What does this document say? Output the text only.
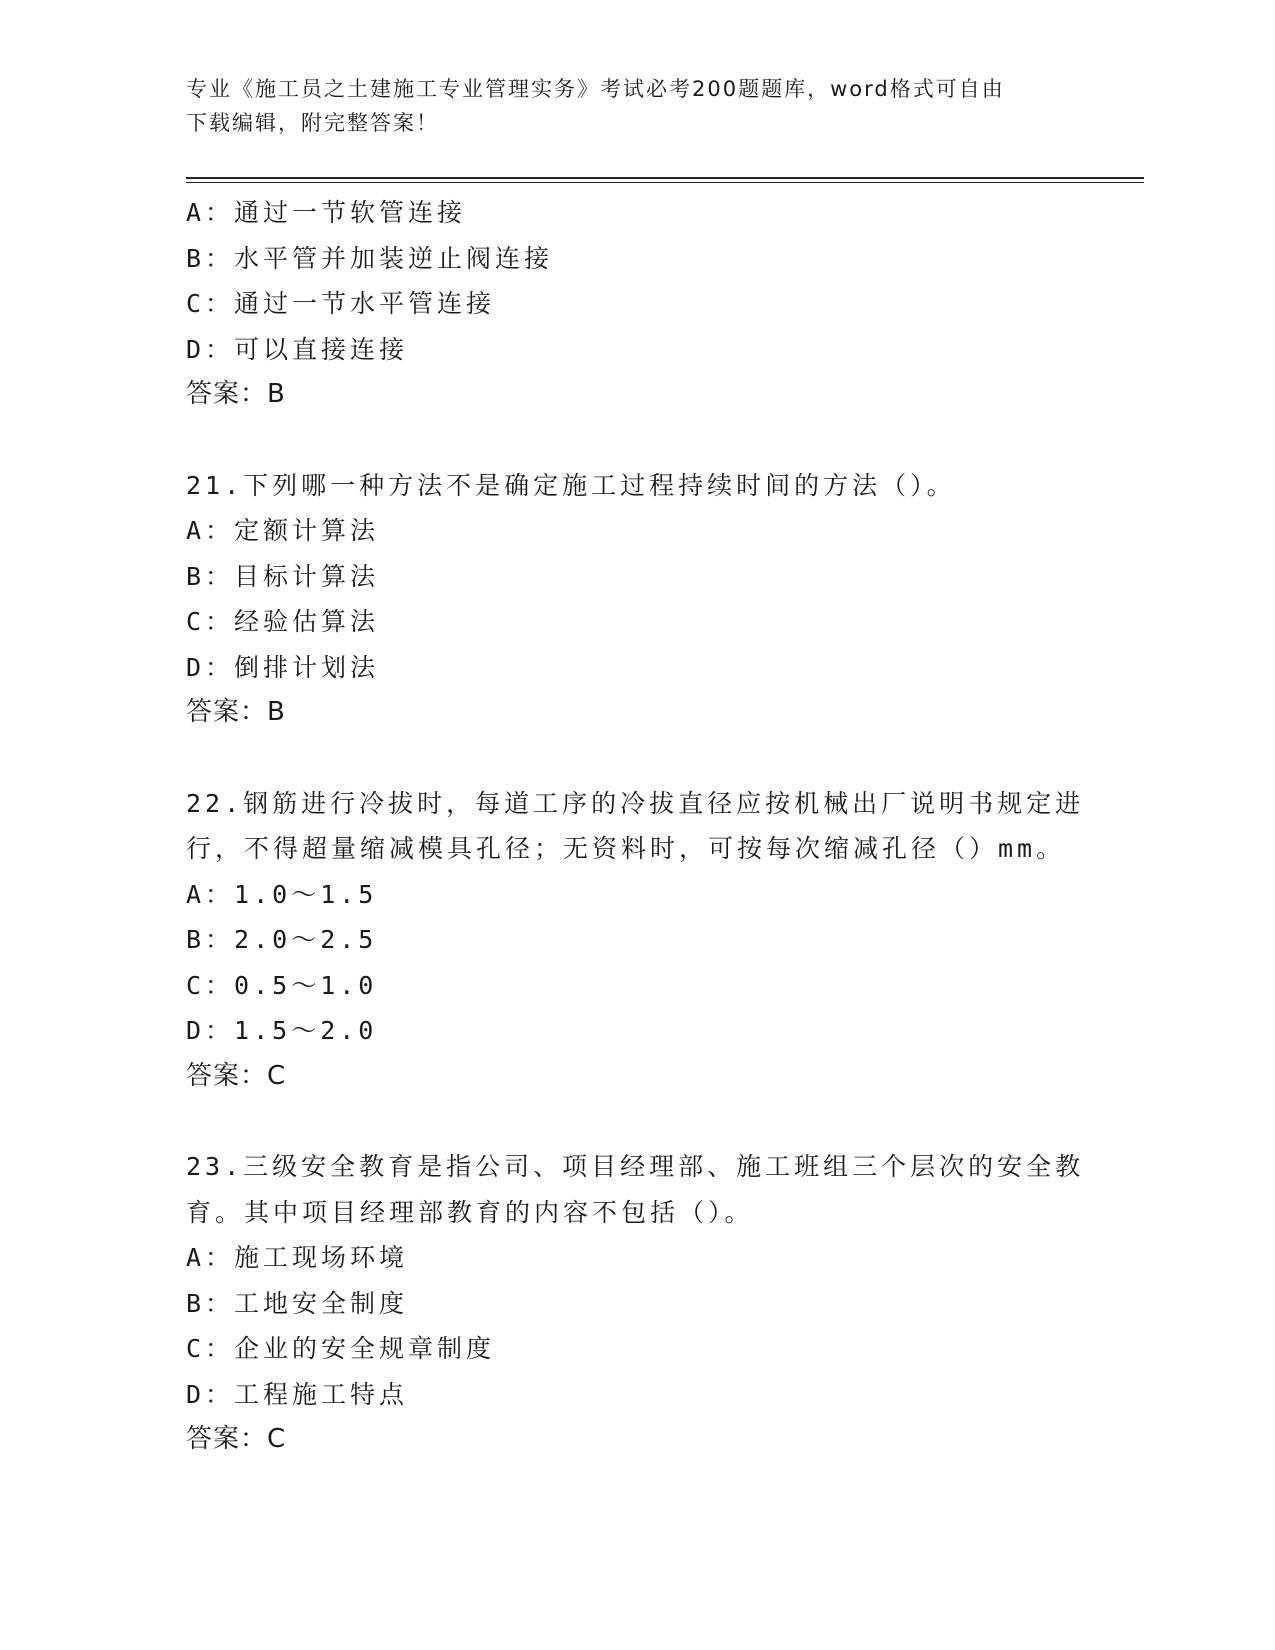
专业《施工员之土建施工专业管理实务》考试必考200题题库，word格式可自由
下载编辑，附完整答案！
A：通过一节软管连接
B：水平管并加装逆止阀连接
C：通过一节水平管连接
D：可以直接连接
答案：B
21.下列哪一种方法不是确定施工过程持续时间的方法（）。
A：定额计算法
B：目标计算法
C：经验估算法
D：倒排计划法
答案：B
22.钢筋进行冷拔时，每道工序的冷拔直径应按机械出厂说明书规定进
行，不得超量缩减模具孔径；无资料时，可按每次缩减孔径（）mm。
A：1.0～1.5
B：2.0～2.5
C：0.5～1.0
D：1.5～2.0
答案：C
23.三级安全教育是指公司、项目经理部、施工班组三个层次的安全教
育。其中项目经理部教育的内容不包括（）。
A：施工现场环境
B：工地安全制度
C：企业的安全规章制度
D：工程施工特点
答案：C
